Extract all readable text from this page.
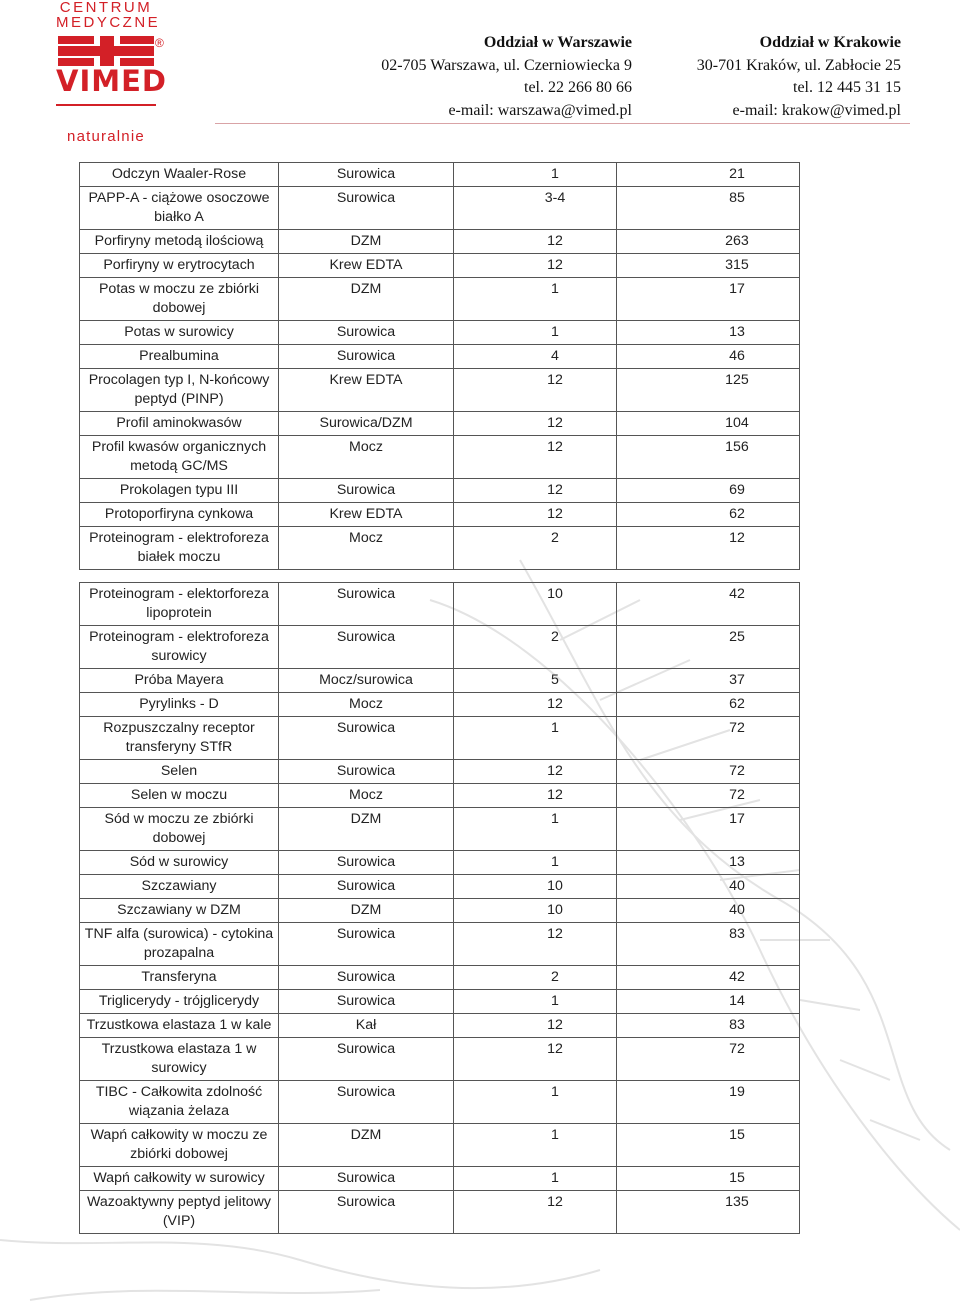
CENTRUM
MEDYCZNE
®
VIMED
naturalnie
Oddział w Warszawie
02-705 Warszawa, ul. Czerniowiecka 9
tel. 22 266 80 66
e-mail: warszawa@vimed.pl
Oddział w Krakowie
30-701 Kraków, ul. Zabłocie 25
tel. 12 445 31 15
e-mail: krakow@vimed.pl
Odczyn Waaler-Rose	Surowica	1	21
PAPP-A - ciążowe osoczowe białko A	Surowica	3-4	85
Porfiryny metodą ilościową	DZM	12	263
Porfiryny w erytrocytach	Krew EDTA	12	315
Potas w moczu ze zbiórki dobowej	DZM	1	17
Potas w surowicy	Surowica	1	13
Prealbumina	Surowica	4	46
Procolagen typ I, N-końcowy peptyd (PINP)	Krew EDTA	12	125
Profil aminokwasów	Surowica/DZM	12	104
Profil kwasów organicznych metodą GC/MS	Mocz	12	156
Prokolagen typu III	Surowica	12	69
Protoporfiryna cynkowa	Krew EDTA	12	62
Proteinogram - elektroforeza białek moczu	Mocz	2	12
Proteinogram - elektorforeza lipoprotein	Surowica	10	42
Proteinogram - elektroforeza surowicy	Surowica	2	25
Próba Mayera	Mocz/surowica	5	37
Pyrylinks - D	Mocz	12	62
Rozpuszczalny receptor transferyny STfR	Surowica	1	72
Selen	Surowica	12	72
Selen w moczu	Mocz	12	72
Sód w moczu ze zbiórki dobowej	DZM	1	17
Sód w surowicy	Surowica	1	13
Szczawiany	Surowica	10	40
Szczawiany w DZM	DZM	10	40
TNF alfa (surowica) - cytokina prozapalna	Surowica	12	83
Transferyna	Surowica	2	42
Triglicerydy - trójglicerydy	Surowica	1	14
Trzustkowa elastaza 1 w kale	Kał	12	83
Trzustkowa elastaza 1 w surowicy	Surowica	12	72
TIBC - Całkowita zdolność wiązania żelaza	Surowica	1	19
Wapń całkowity w moczu ze zbiórki dobowej	DZM	1	15
Wapń całkowity w surowicy	Surowica	1	15
Wazoaktywny peptyd jelitowy (VIP)	Surowica	12	135
